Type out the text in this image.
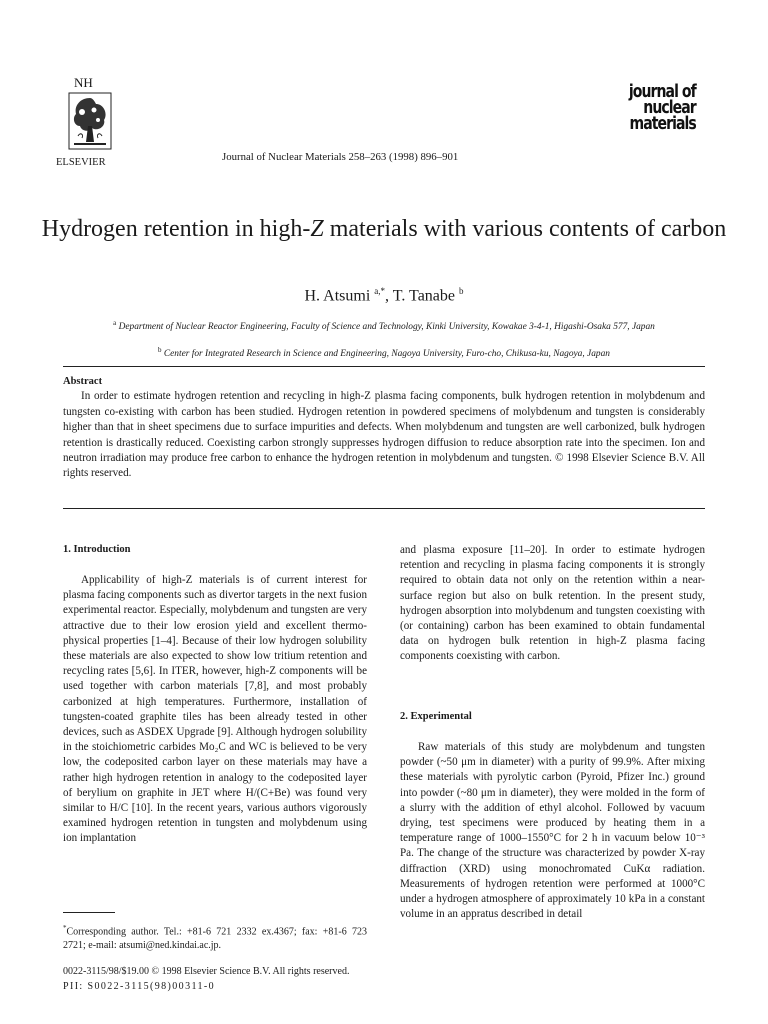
NH
ELSEVIER	Journal of Nuclear Materials 258–263 (1998) 896–901
journal of
nuclear
materials
Hydrogen retention in high-Z materials with various contents of carbon
H. Atsumi $^{a,*}$, T. Tanabe $^b$
$^a$ Department of Nuclear Reactor Engineering, Faculty of Science and Technology, Kinki University, Kowakae 3-4-1, Higashi-Osaka 577, Japan
$^b$ Center for Integrated Research in Science and Engineering, Nagoya University, Furo-cho, Chikusa-ku, Nagoya, Japan
Abstract

In order to estimate hydrogen retention and recycling in high-Z plasma facing components, bulk hydrogen retention in molybdenum and tungsten co-existing with carbon has been studied. Hydrogen retention in powdered specimens of molybdenum and tungsten is considerably higher than that in sheet specimens due to surface impurities and defects. When molybdenum and tungsten are well carbonized, bulk hydrogen retention is drastically reduced. Coexisting carbon strongly suppresses hydrogen diffusion to reduce absorption rate into the specimen. Ion and neutron irradiation may produce free carbon to enhance the hydrogen retention in molybdenum and tungsten. © 1998 Elsevier Science B.V. All rights reserved.

1. Introduction

Applicability of high-Z materials is of current interest for plasma facing components such as divertor targets in the next fusion experimental reactor. Especially, molybdenum and tungsten are very attractive due to their low erosion yield and excellent thermo-physical properties [1–4]. Because of their low hydrogen solubility these materials are also expected to show low tritium retention and recycling rates [5,6]. In ITER, however, high-Z components will be used together with carbon materials [7,8], and most probably carbonized at high temperatures. Furthermore, installation of tungsten-coated graphite tiles has been already tested in other devices, such as ASDEX Upgrade [9]. Although hydrogen solubility in the stoichiometric carbides Mo₂C and WC is believed to be very low, the codeposited carbon layer on these materials may have a rather high hydrogen retention in analogy to the codeposited layer of berylium on graphite in JET where H/(C+Be) was found very similar to H/C [10]. In the recent years, various authors vigorously examined hydrogen retention in tungsten and molybdenum using ion implantation

and plasma exposure [11–20]. In order to estimate hydrogen retention and recycling in plasma facing components it is strongly required to obtain data not only on the retention within a near-surface region but also on bulk retention. In the present study, hydrogen absorption into molybdenum and tungsten coexisting with (or containing) carbon has been examined to obtain fundamental data on hydrogen bulk retention in high-Z plasma facing components coexisting with carbon.

2. Experimental

Raw materials of this study are molybdenum and tungsten powder (~50 μm in diameter) with a purity of 99.9%. After mixing these materials with pyrolytic carbon (Pyroid, Pfizer Inc.) ground into powder (~80 μm in diameter), they were molded in the form of a slurry with the addition of ethyl alcohol. Followed by vacuum drying, test specimens were produced by heating them in a temperature range of 1000–1550°C for 2 h in vacuum below 10⁻³ Pa. The change of the structure was characterized by powder X-ray diffraction (XRD) using monochromated CuKα radiation. Measurements of hydrogen retention were performed at 1000°C under a hydrogen atmosphere of approximately 10 kPa in a constant volume in an appratus described in detail

*Corresponding author. Tel.: +81-6 721 2332 ex.4367; fax: +81-6 723 2721; e-mail: atsumi@ned.kindai.ac.jp.
0022-3115/98/$19.00 © 1998 Elsevier Science B.V. All rights reserved.
PII: S0022-3115(98)00311-0
